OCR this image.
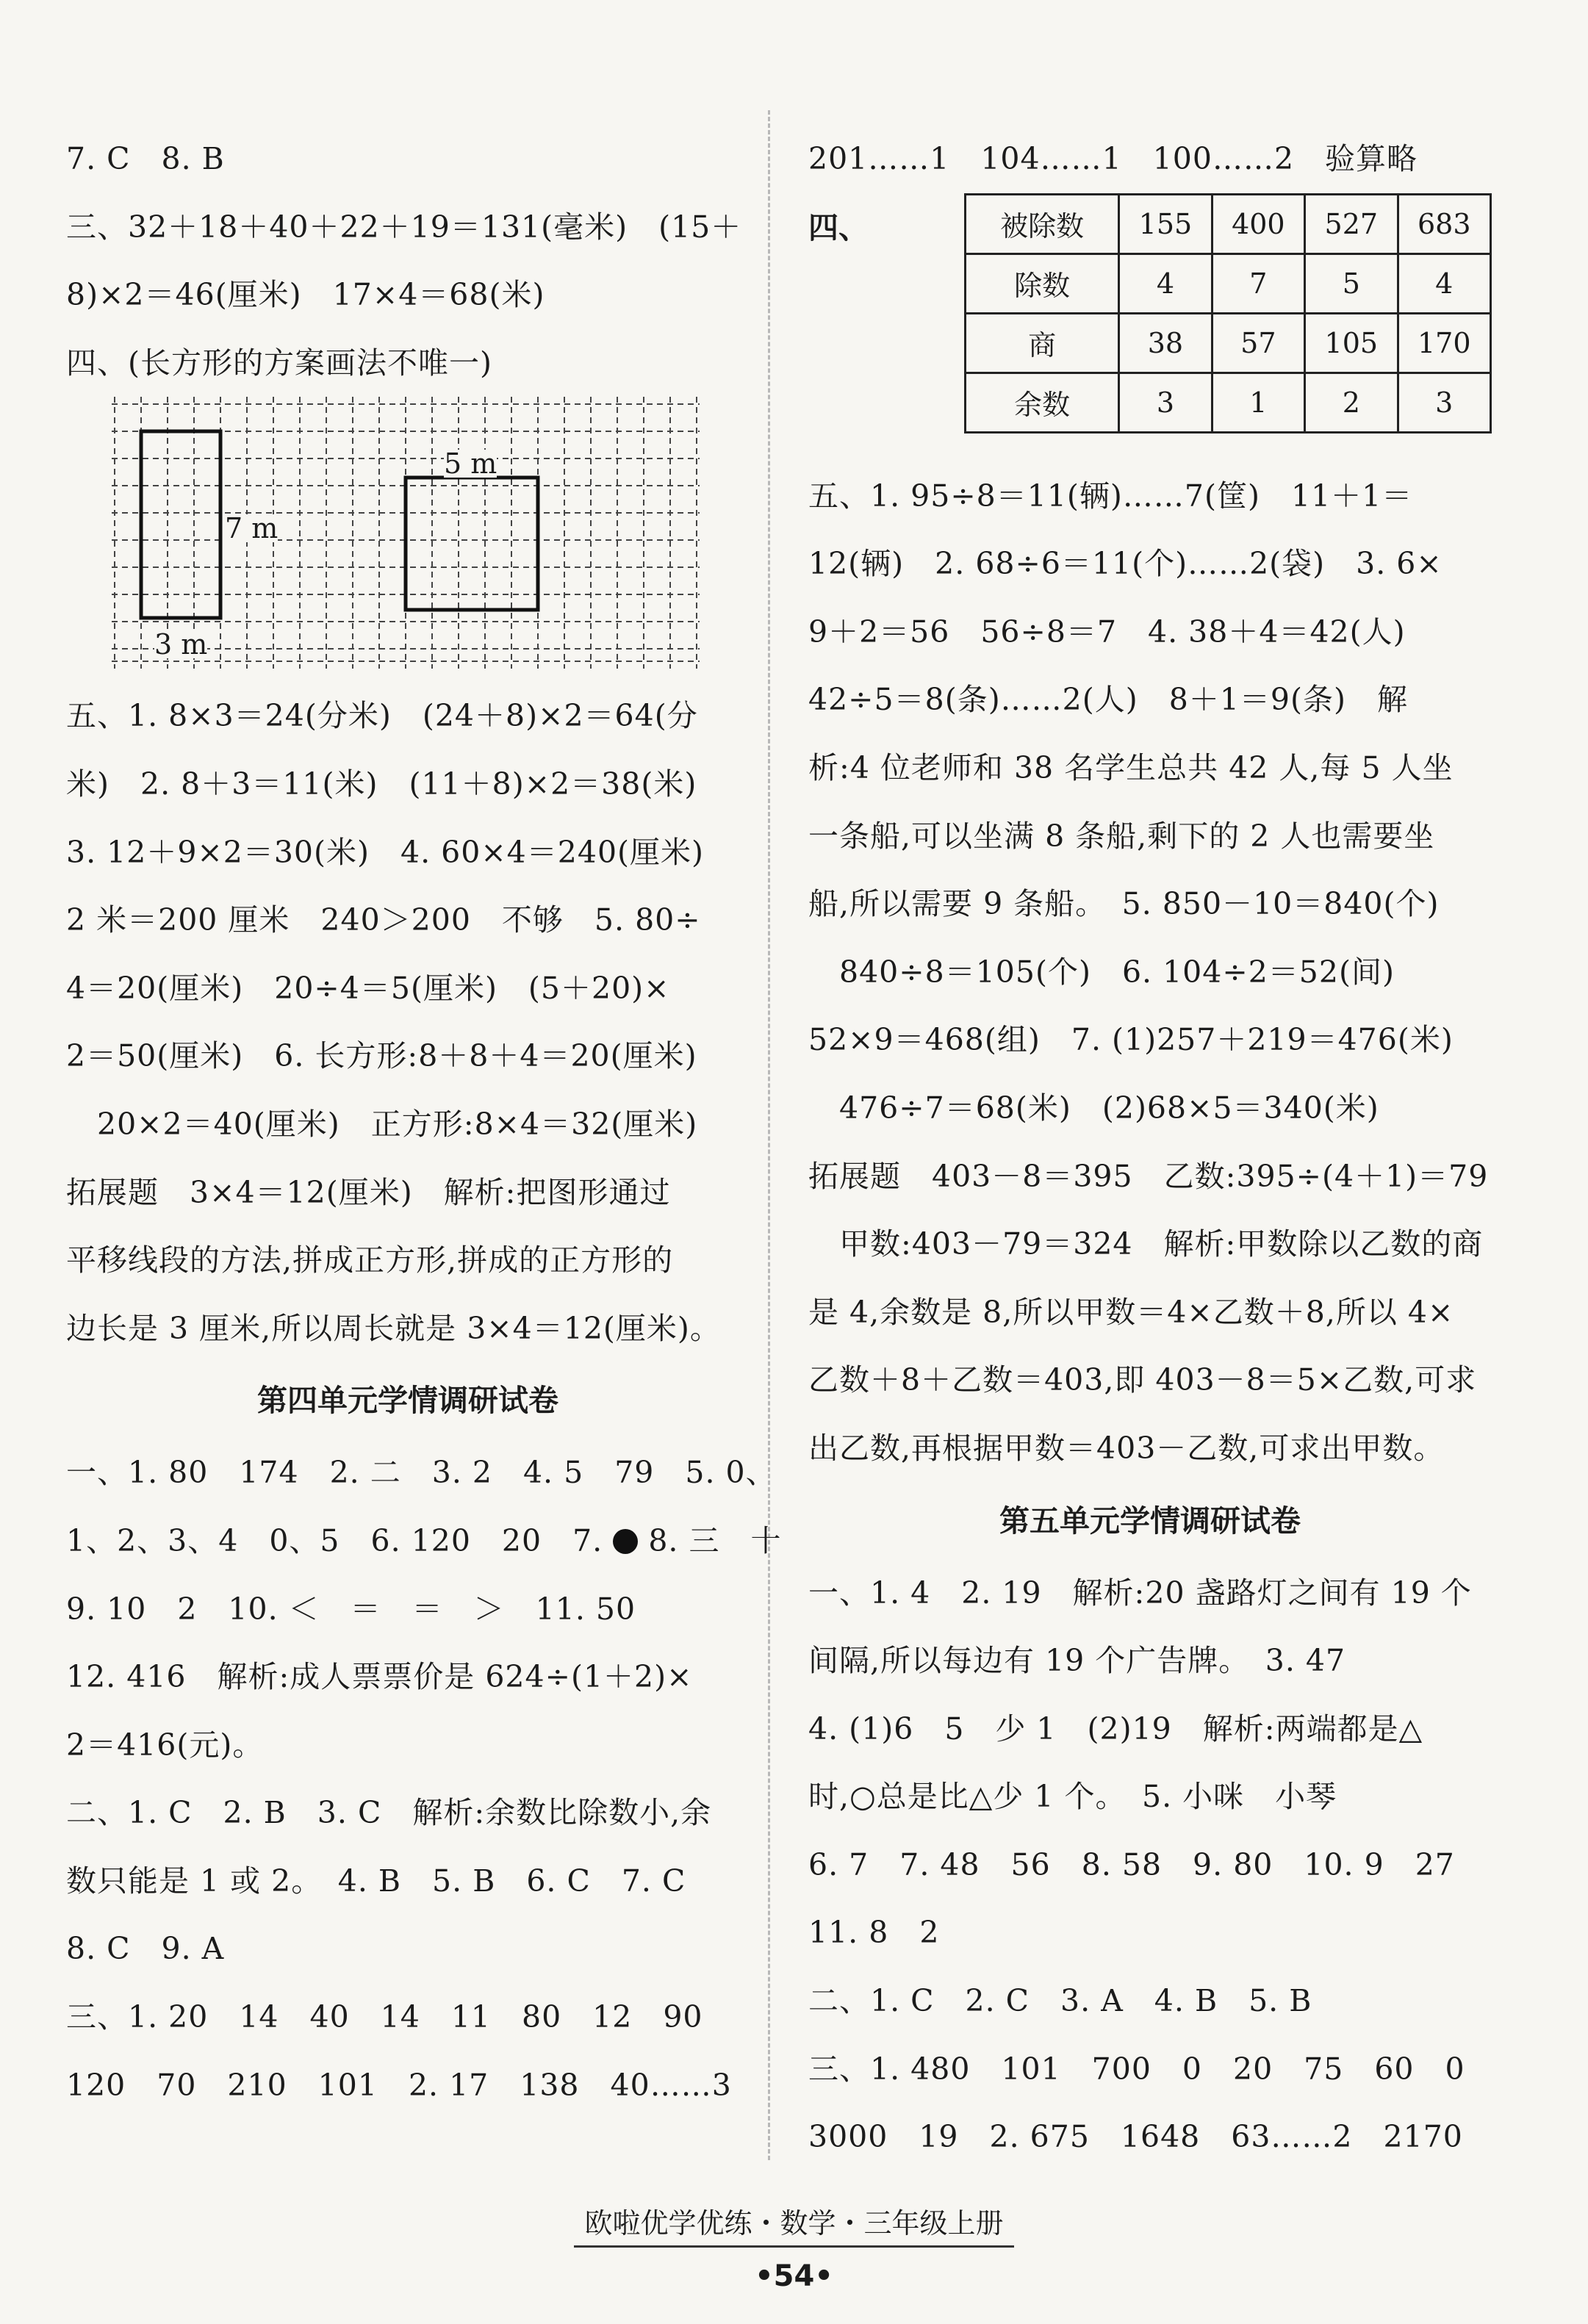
7. C　8. B
三、32＋18＋40＋22＋19＝131(毫米)　(15＋
8)×2＝46(厘米)　17×4＝68(米)
四、(长方形的方案画法不唯一)
5 m
7 m
3 m
五、1. 8×3＝24(分米)　(24＋8)×2＝64(分
米)　2. 8＋3＝11(米)　(11＋8)×2＝38(米)
3. 12＋9×2＝30(米)　4. 60×4＝240(厘米)
2 米＝200 厘米　240＞200　不够　5. 80÷
4＝20(厘米)　20÷4＝5(厘米)　(5＋20)×
2＝50(厘米)　6. 长方形:8＋8＋4＝20(厘米)
　20×2＝40(厘米)　正方形:8×4＝32(厘米)
拓展题　3×4＝12(厘米)　解析:把图形通过
平移线段的方法,拼成正方形,拼成的正方形的
边长是 3 厘米,所以周长就是 3×4＝12(厘米)。
第四单元学情调研试卷
一、1. 80　174　2. 二　3. 2　4. 5　79　5. 0、
1、2、3、4　0、5　6. 120　20　7. 8. 三　十
9. 10　2　10. ＜　＝　＝　＞　11. 50
12. 416　解析:成人票票价是 624÷(1＋2)×
2＝416(元)。
二、1. C　2. B　3. C　解析:余数比除数小,余
数只能是 1 或 2。　4. B　5. B　6. C　7. C
8. C　9. A
三、1. 20　14　40　14　11　80　12　90
120　70　210　101　2. 17　138　40……3
201……1　104……1　100……2　验算略
四、	被除数	155	400	527	683
除数	4	7	5	4
商	38	57	105	170
余数	3	1	2	3
五、1. 95÷8＝11(辆)……7(筐)　11＋1＝
12(辆)　2. 68÷6＝11(个)……2(袋)　3. 6×
9＋2＝56　56÷8＝7　4. 38＋4＝42(人)
42÷5＝8(条)……2(人)　8＋1＝9(条)　解
析:4 位老师和 38 名学生总共 42 人,每 5 人坐
一条船,可以坐满 8 条船,剩下的 2 人也需要坐
船,所以需要 9 条船。　5. 850－10＝840(个)
　840÷8＝105(个)　6. 104÷2＝52(间)
52×9＝468(组)　7. (1)257＋219＝476(米)
　476÷7＝68(米)　(2)68×5＝340(米)
拓展题　403－8＝395　乙数:395÷(4＋1)＝79
　甲数:403－79＝324　解析:甲数除以乙数的商
是 4,余数是 8,所以甲数＝4×乙数＋8,所以 4×
乙数＋8＋乙数＝403,即 403－8＝5×乙数,可求
出乙数,再根据甲数＝403－乙数,可求出甲数。
第五单元学情调研试卷
一、1. 4　2. 19　解析:20 盏路灯之间有 19 个
间隔,所以每边有 19 个广告牌。　3. 47
4. (1)6　5　少 1　(2)19　解析:两端都是△
时,○总是比△少 1 个。　5. 小咪　小琴
6. 7　7. 48　56　8. 58　9. 80　10. 9　27
11. 8　2
二、1. C　2. C　3. A　4. B　5. B
三、1. 480　101　700　0　20　75　60　0
3000　19　2. 675　1648　63……2　2170
欧啦优学优练・数学・三年级上册
•54•
